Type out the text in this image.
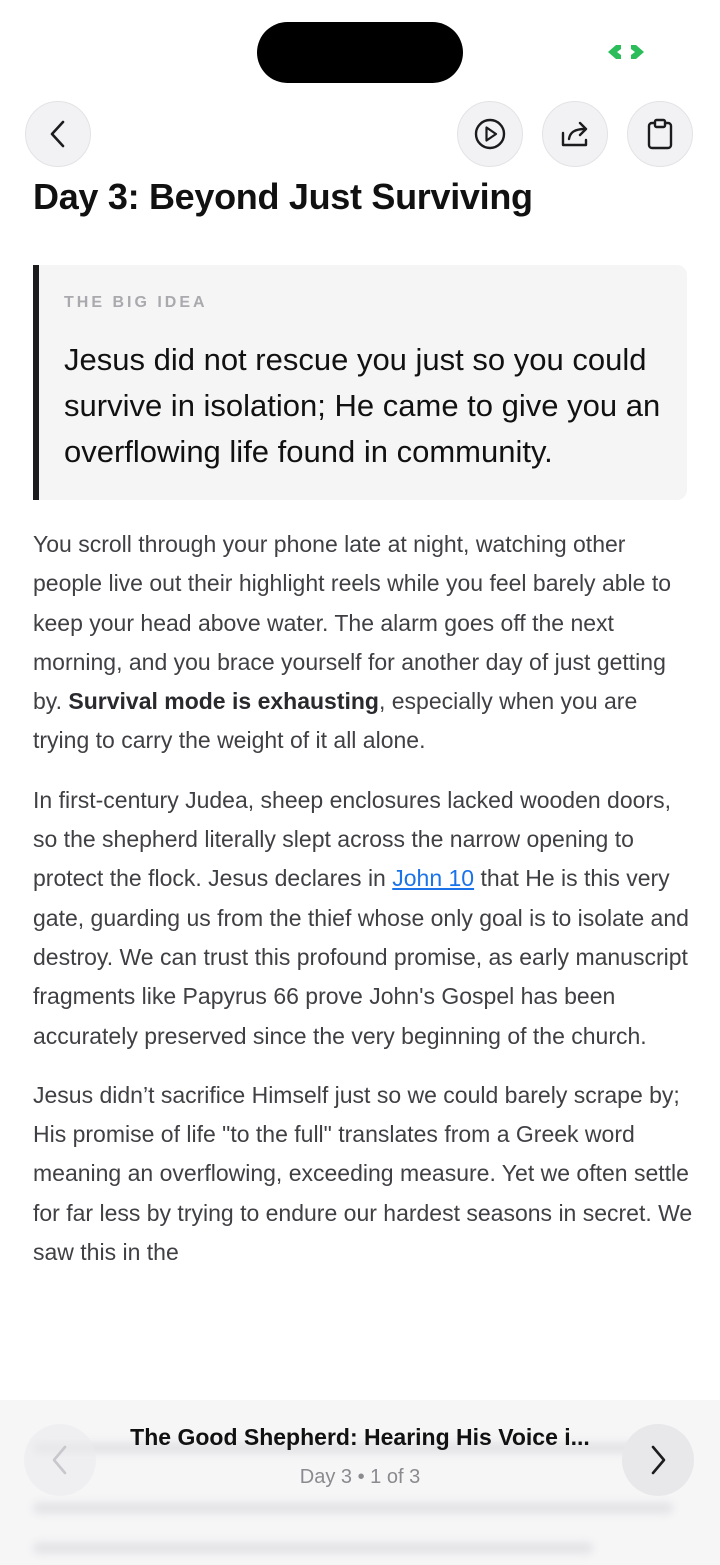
Day 3: Beyond Just Surviving
THE BIG IDEA
Jesus did not rescue you just so you could survive in isolation; He came to give you an overflowing life found in community.

You scroll through your phone late at night, watching other people live out their highlight reels while you feel barely able to keep your head above water. The alarm goes off the next morning, and you brace yourself for another day of just getting by. Survival mode is exhausting, especially when you are trying to carry the weight of it all alone.

In first-century Judea, sheep enclosures lacked wooden doors, so the shepherd literally slept across the narrow opening to protect the flock. Jesus declares in John 10 that He is this very gate, guarding us from the thief whose only goal is to isolate and destroy. We can trust this profound promise, as early manuscript fragments like Papyrus 66 prove John's Gospel has been accurately preserved since the very beginning of the church.

Jesus didn’t sacrifice Himself just so we could barely scrape by; His promise of life "to the full" translates from a Greek word meaning an overflowing, exceeding measure. Yet we often settle for far less by trying to endure our hardest seasons in secret. We saw this in the

The Good Shepherd: Hearing His Voice i...
Day 3 • 1 of 3
